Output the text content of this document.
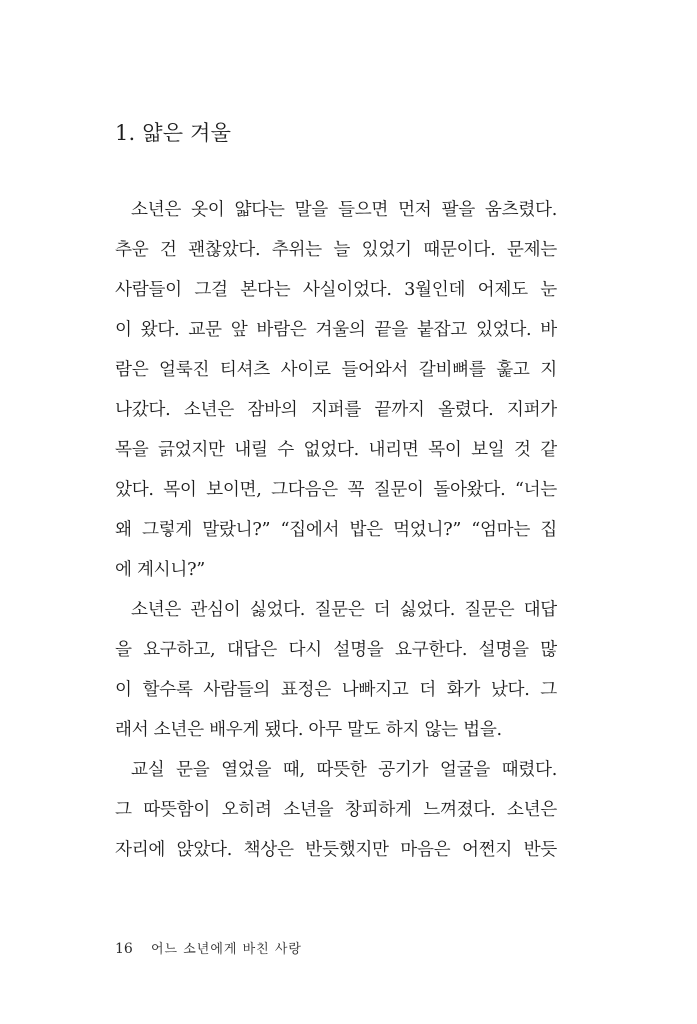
1. 얇은 겨울
소년은 옷이 얇다는 말을 들으면 먼저 팔을 움츠렸다.
추운 건 괜찮았다. 추위는 늘 있었기 때문이다. 문제는
사람들이 그걸 본다는 사실이었다. 3월인데 어제도 눈
이 왔다. 교문 앞 바람은 겨울의 끝을 붙잡고 있었다. 바
람은 얼룩진 티셔츠 사이로 들어와서 갈비뼈를 훑고 지
나갔다. 소년은 잠바의 지퍼를 끝까지 올렸다. 지퍼가
목을 긁었지만 내릴 수 없었다. 내리면 목이 보일 것 같
았다. 목이 보이면, 그다음은 꼭 질문이 돌아왔다. “너는
왜 그렇게 말랐니?” “집에서 밥은 먹었니?” “엄마는 집
에 계시니?”
소년은 관심이 싫었다. 질문은 더 싫었다. 질문은 대답
을 요구하고, 대답은 다시 설명을 요구한다. 설명을 많
이 할수록 사람들의 표정은 나빠지고 더 화가 났다. 그
래서 소년은 배우게 됐다. 아무 말도 하지 않는 법을.
교실 문을 열었을 때, 따뜻한 공기가 얼굴을 때렸다.
그 따뜻함이 오히려 소년을 창피하게 느껴졌다. 소년은
자리에 앉았다. 책상은 반듯했지만 마음은 어쩐지 반듯
16 어느 소년에게 바친 사랑
